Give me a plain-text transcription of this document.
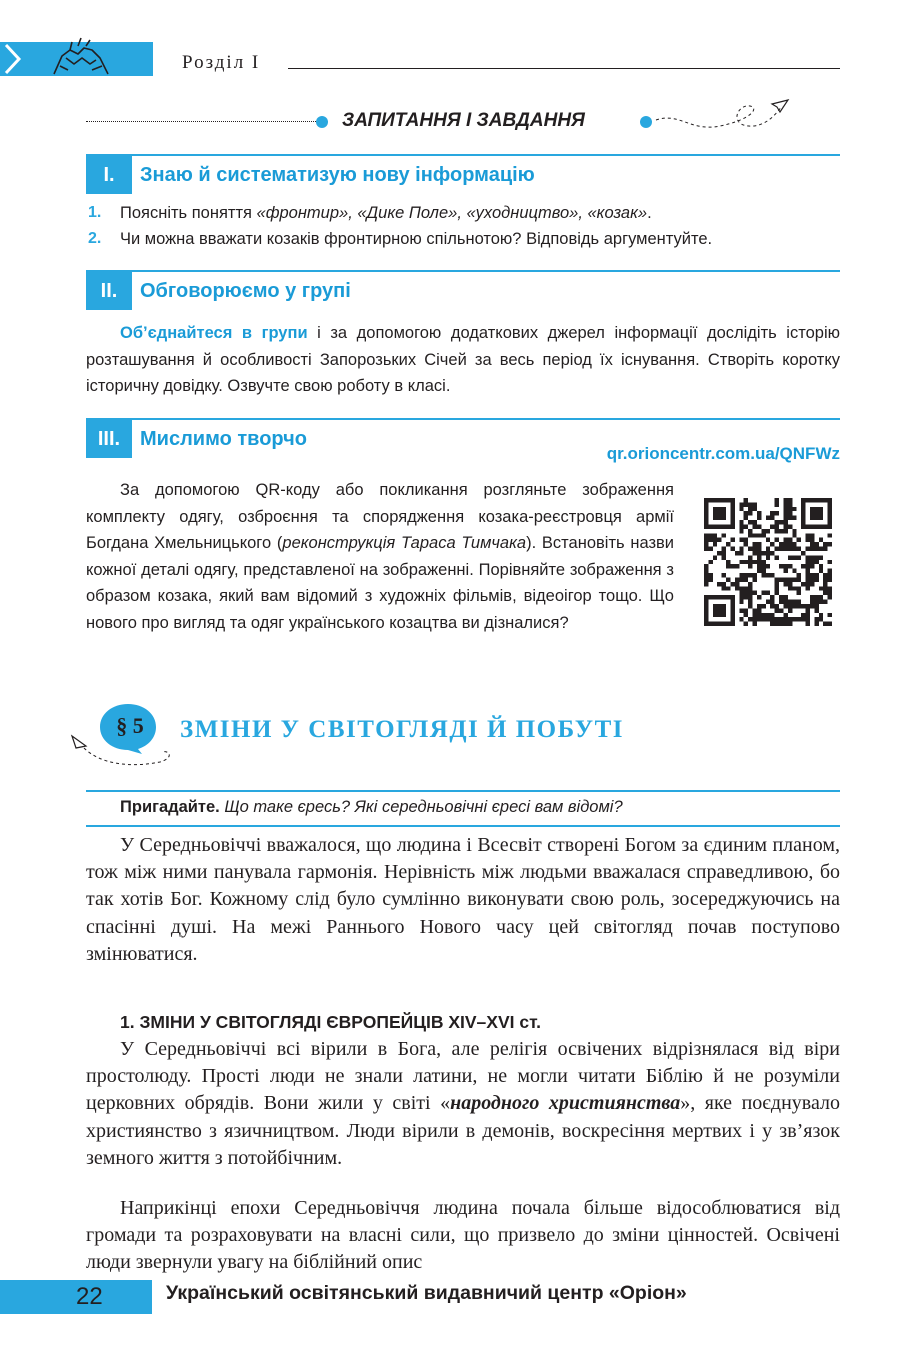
Розділ I
ЗАПИТАННЯ І ЗАВДАННЯ
I.	Знаю й систематизую нову інформацію
1. Поясніть поняття «фронтир», «Дике Поле», «уходництво», «козак».
2. Чи можна вважати козаків фронтирною спільнотою? Відповідь аргументуйте.
II.	Обговорюємо у групі
Об’єднайтеся в групи і за допомогою додаткових джерел інформації дослідіть історію розташування й особливості Запорозьких Січей за весь період їх існування. Створіть коротку історичну довідку. Озвучте свою роботу в класі.
III. Мислимо творчо
qr.orioncentr.com.ua/QNFWz
За допомогою QR-коду або покликання розгляньте зображення комплекту одягу, озброєння та спорядження козака-реєстровця армії Богдана Хмельницького (реконструкція Тараса Тимчака). Встановіть назви кожної деталі одягу, представленої на зображенні. Порівняйте зображення з образом козака, який вам відомий з художніх фільмів, відеоігор тощо. Що нового про вигляд та одяг українського козацтва ви дізналися?
§ 5	ЗМІНИ У СВІТОГЛЯДІ Й ПОБУТІ
Пригадайте. Що таке єресь? Які середньовічні єресі вам відомі?
У Середньовіччі вважалося, що людина і Всесвіт створені Богом за єдиним планом, тож між ними панувала гармонія. Нерівність між людьми вважалася справедливою, бо так хотів Бог. Кожному слід було сумлінно виконувати свою роль, зосереджуючись на спасінні душі. На межі Раннього Нового часу цей світогляд почав поступово змінюватися.
1. ЗМІНИ У СВІТОГЛЯДІ ЄВРОПЕЙЦІВ XIV–XVI ст.
У Середньовіччі всі вірили в Бога, але релігія освічених відрізнялася від віри простолюду. Прості люди не знали латини, не могли читати Біблію й не розуміли церковних обрядів. Вони жили у світі «народного християнства», яке поєднувало християнство з язичництвом. Люди вірили в демонів, воскресіння мертвих і у зв’язок земного життя з потойбічним.
Наприкінці епохи Середньовіччя людина почала більше відособлюватися від громади та розраховувати на власні сили, що призвело до зміни цінностей. Освічені люди звернули увагу на біблійний опис
22	Український освітянський видавничий центр «Оріон»
